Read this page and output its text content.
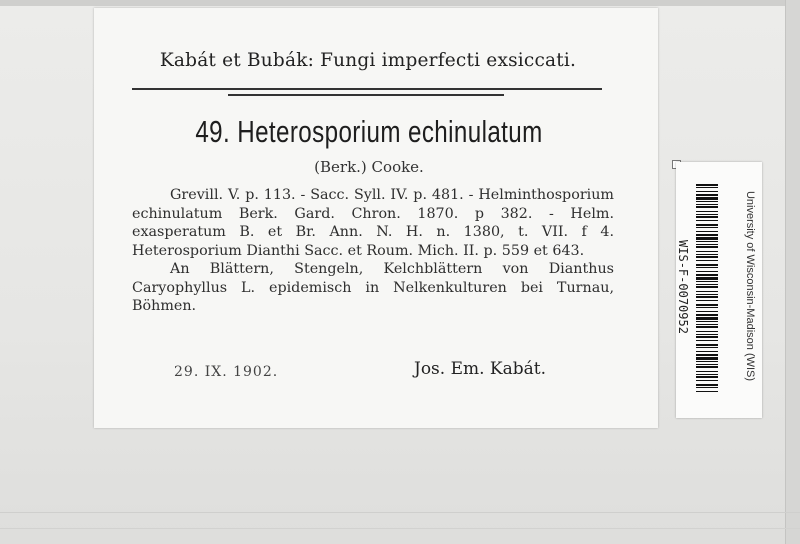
Kabát et Bubák: Fungi imperfecti exsiccati.
49. Heterosporium echinulatum
(Berk.) Cooke.

Grevill. V. p. 113. - Sacc. Syll. IV. p. 481. - Helminthosporium echinulatum Berk. Gard. Chron. 1870. p 382. - Helm. exasperatum B. et Br. Ann. N. H. n. 1380, t. VII. f 4. Heterosporium Dianthi Sacc. et Roum. Mich. II. p. 559 et 643.

An Blättern, Stengeln, Kelchblättern von Dianthus Caryophyllus L. epidemisch in Nelkenkulturen bei Turnau, Böhmen.

29. IX. 1902.	Jos. Em. Kabát.
WIS-F-0070952	University of Wisconsin-Madison (WIS)
